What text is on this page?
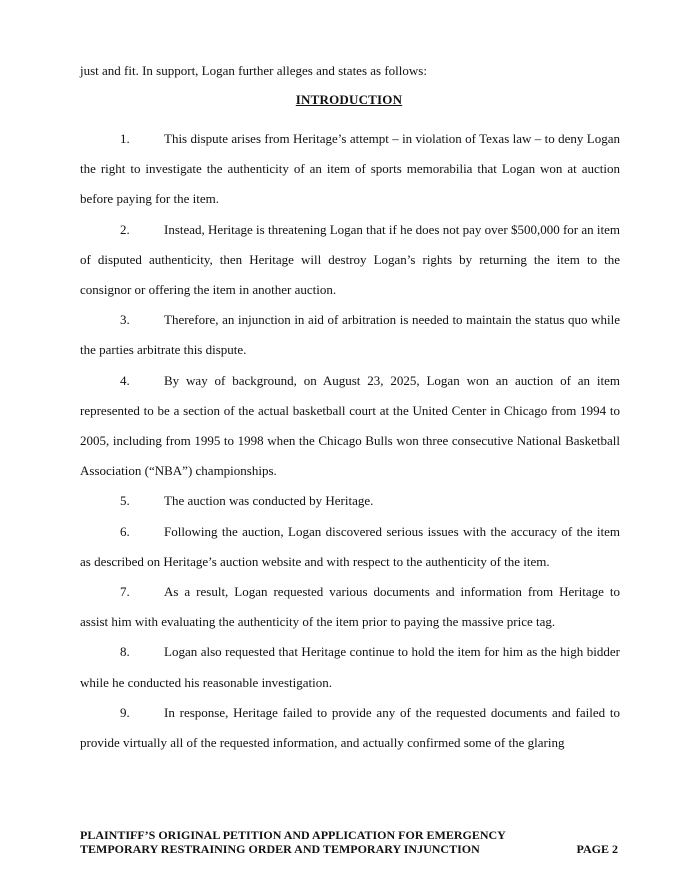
just and fit. In support, Logan further alleges and states as follows:
INTRODUCTION

1.	This dispute arises from Heritage’s attempt – in violation of Texas law – to deny Logan the right to investigate the authenticity of an item of sports memorabilia that Logan won at auction before paying for the item.

2.	Instead, Heritage is threatening Logan that if he does not pay over $500,000 for an item of disputed authenticity, then Heritage will destroy Logan’s rights by returning the item to the consignor or offering the item in another auction.

3.	Therefore, an injunction in aid of arbitration is needed to maintain the status quo while the parties arbitrate this dispute.

4.	By way of background, on August 23, 2025, Logan won an auction of an item represented to be a section of the actual basketball court at the United Center in Chicago from 1994 to 2005, including from 1995 to 1998 when the Chicago Bulls won three consecutive National Basketball Association (“NBA”) championships.

5.	The auction was conducted by Heritage.

6.	Following the auction, Logan discovered serious issues with the accuracy of the item as described on Heritage’s auction website and with respect to the authenticity of the item.

7.	As a result, Logan requested various documents and information from Heritage to assist him with evaluating the authenticity of the item prior to paying the massive price tag.

8.	Logan also requested that Heritage continue to hold the item for him as the high bidder while he conducted his reasonable investigation.

9.	In response, Heritage failed to provide any of the requested documents and failed to provide virtually all of the requested information, and actually confirmed some of the glaring

PLAINTIFF’S ORIGINAL PETITION AND APPLICATION FOR EMERGENCY
TEMPORARY RESTRAINING ORDER AND TEMPORARY INJUNCTION	PAGE 2
